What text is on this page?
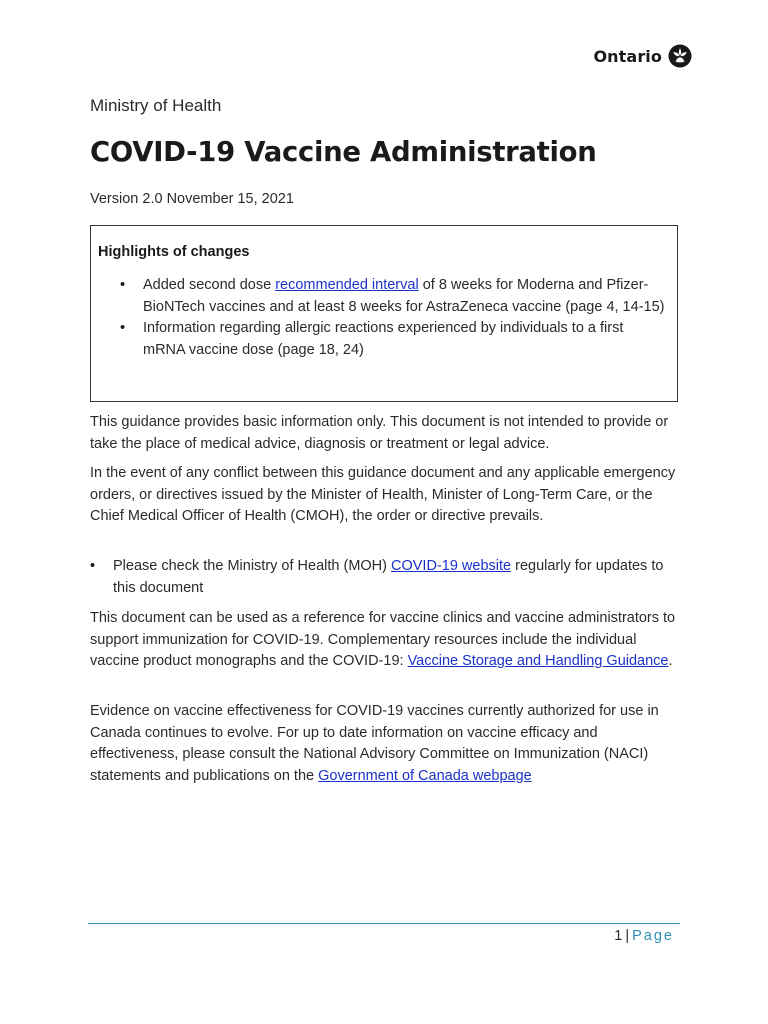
Ontario
Ministry of Health
COVID-19 Vaccine Administration
Version 2.0 November 15, 2021
Highlights of changes
• Added second dose recommended interval of 8 weeks for Moderna and Pfizer-BioNTech vaccines and at least 8 weeks for AstraZeneca vaccine (page 4, 14-15)
• Information regarding allergic reactions experienced by individuals to a first mRNA vaccine dose (page 18, 24)

This guidance provides basic information only. This document is not intended to provide or take the place of medical advice, diagnosis or treatment or legal advice.

In the event of any conflict between this guidance document and any applicable emergency orders, or directives issued by the Minister of Health, Minister of Long-Term Care, or the Chief Medical Officer of Health (CMOH), the order or directive prevails.

• Please check the Ministry of Health (MOH) COVID-19 website regularly for updates to this document

This document can be used as a reference for vaccine clinics and vaccine administrators to support immunization for COVID-19. Complementary resources include the individual vaccine product monographs and the COVID-19: Vaccine Storage and Handling Guidance.

Evidence on vaccine effectiveness for COVID-19 vaccines currently authorized for use in Canada continues to evolve. For up to date information on vaccine efficacy and effectiveness, please consult the National Advisory Committee on Immunization (NACI) statements and publications on the Government of Canada webpage

1 | Page
